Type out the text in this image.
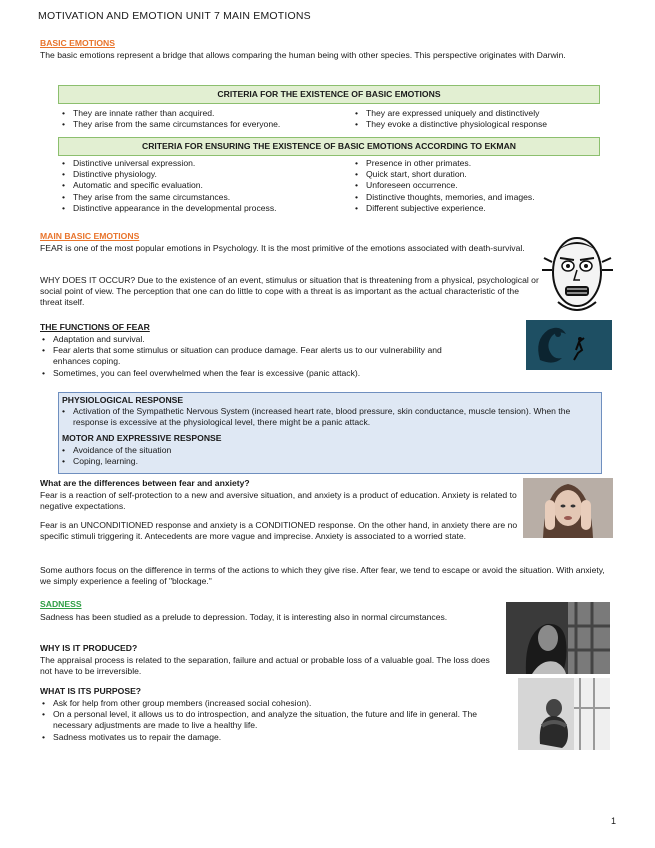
MOTIVATION AND EMOTION UNIT 7 MAIN EMOTIONS
BASIC EMOTIONS
The basic emotions represent a bridge that allows comparing the human being with other species. This perspective originates with Darwin.
CRITERIA FOR THE EXISTENCE OF BASIC EMOTIONS
• They are innate rather than acquired.
• They arise from the same circumstances for everyone.
• They are expressed uniquely and distinctively
• They evoke a distinctive physiological response
CRITERIA FOR ENSURING THE EXISTENCE OF BASIC EMOTIONS ACCORDING TO EKMAN
• Distinctive universal expression.
• Distinctive physiology.
• Automatic and specific evaluation.
• They arise from the same circumstances.
• Distinctive appearance in the developmental process.
• Presence in other primates.
• Quick start, short duration.
• Unforeseen occurrence.
• Distinctive thoughts, memories, and images.
• Different subjective experience.
MAIN BASIC EMOTIONS
FEAR is one of the most popular emotions in Psychology. It is the most primitive of the emotions associated with death-survival.
WHY DOES IT OCCUR? Due to the existence of an event, stimulus or situation that is threatening from a physical, psychological or social point of view. The perception that one can do little to cope with a threat is as important as the actual characteristic of the threat itself.
THE FUNCTIONS OF FEAR
• Adaptation and survival.
• Fear alerts that some stimulus or situation can produce damage. Fear alerts us to our vulnerability and enhances coping.
• Sometimes, you can feel overwhelmed when the fear is excessive (panic attack).
PHYSIOLOGICAL RESPONSE
• Activation of the Sympathetic Nervous System (increased heart rate, blood pressure, skin conductance, muscle tension). When the response is excessive at the physiological level, there might be a panic attack.
MOTOR AND EXPRESSIVE RESPONSE
• Avoidance of the situation
• Coping, learning.
What are the differences between fear and anxiety?
Fear is a reaction of self-protection to a new and aversive situation, and anxiety is a product of education. Anxiety is related to negative expectations.
Fear is an UNCONDITIONED response and anxiety is a CONDITIONED response. On the other hand, in anxiety there are no specific stimuli triggering it. Antecedents are more vague and imprecise. Anxiety is associated to a worried state.
Some authors focus on the difference in terms of the actions to which they give rise. After fear, we tend to escape or avoid the situation. With anxiety, we simply experience a feeling of "blockage."
SADNESS
Sadness has been studied as a prelude to depression. Today, it is interesting also in normal circumstances.
WHY IS IT PRODUCED?
The appraisal process is related to the separation, failure and actual or probable loss of a valuable goal. The loss does not have to be irreversible.
WHAT IS ITS PURPOSE?
• Ask for help from other group members (increased social cohesion).
• On a personal level, it allows us to do introspection, and analyze the situation, the future and life in general. The necessary adjustments are made to live a healthy life.
• Sadness motivates us to repair the damage.
1
